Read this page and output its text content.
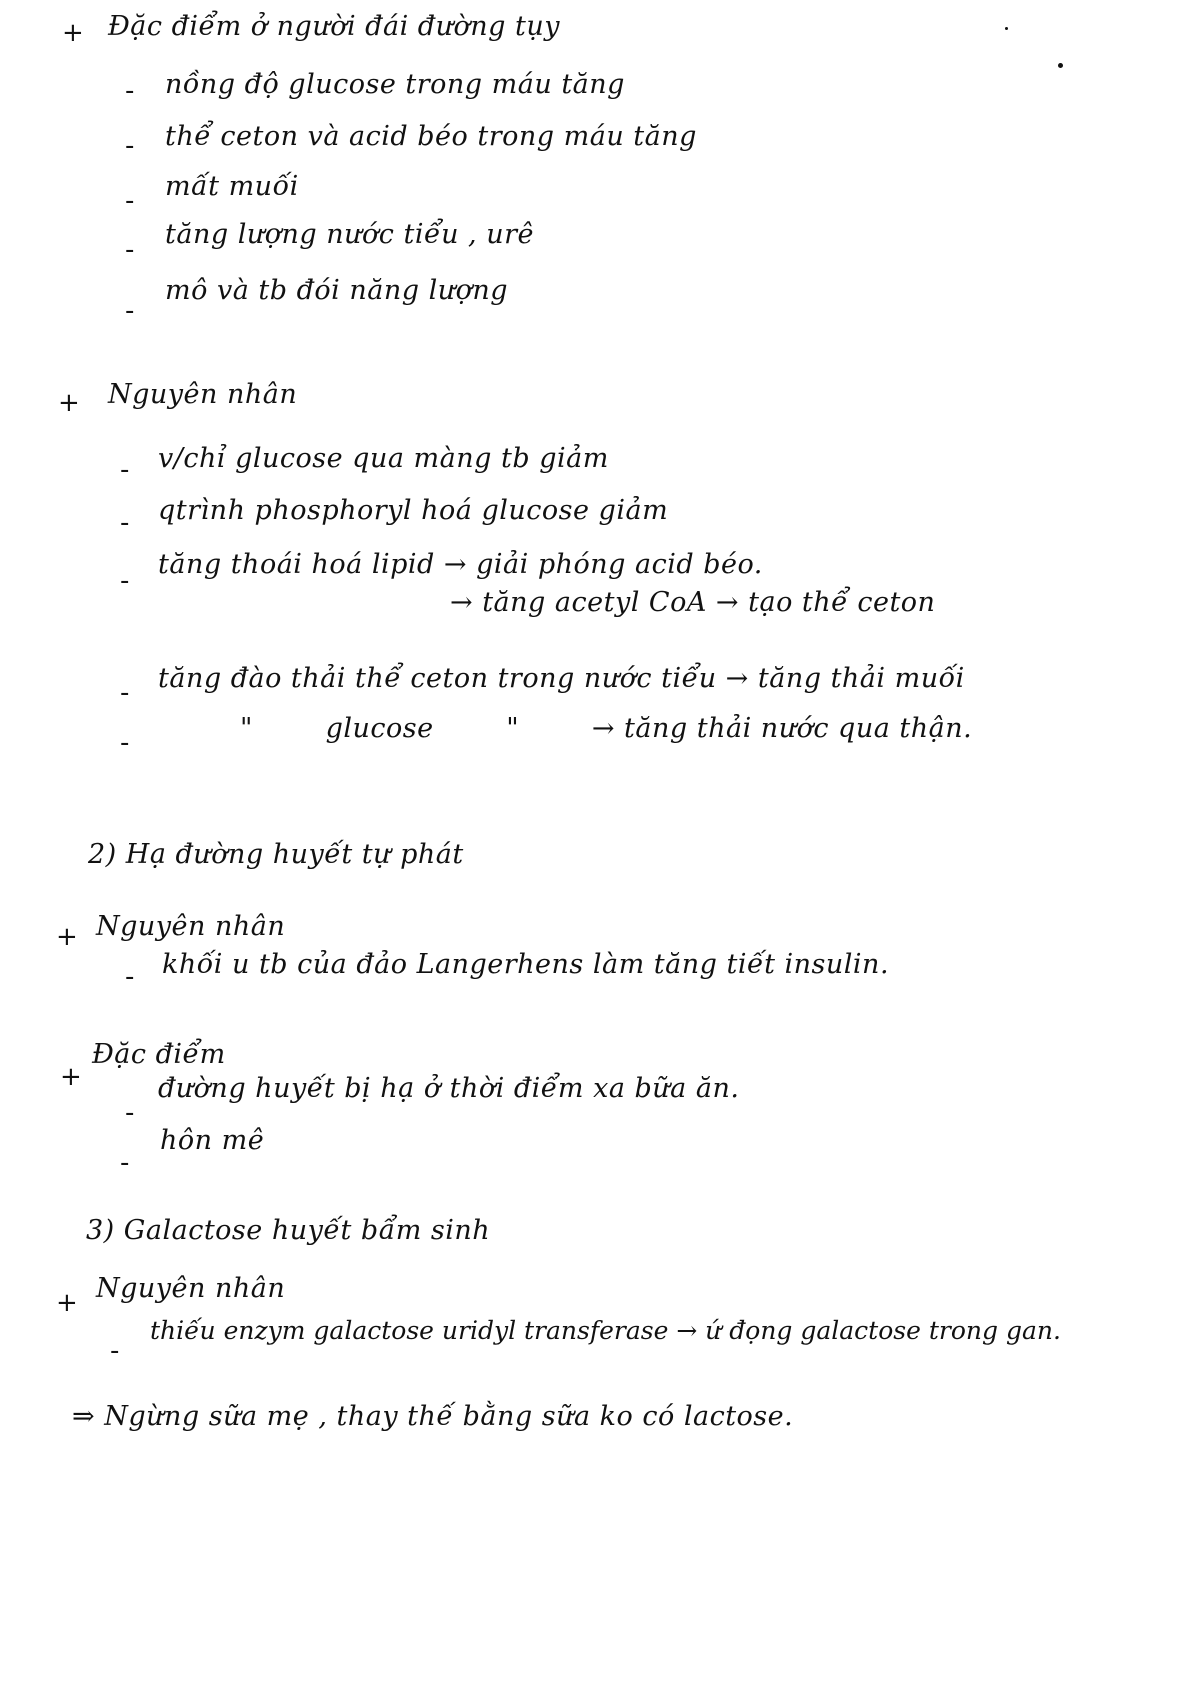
+ Đặc điểm ở người đái đường tụy
- nồng độ glucose trong máu tăng
- thể ceton và acid béo trong máu tăng
- mất muối
- tăng lượng nước tiểu , urê
-
mô và tb đói năng lượng
+ Nguyên nhân
- v/chỉ glucose qua màng tb giảm
- qtrình phosphoryl hoá glucose giảm
-
tăng thoái hoá lipid → giải phóng acid béo.
→ tăng acetyl CoA → tạo thể ceton
- tăng đào thải thể ceton trong nước tiểu → tăng thải muối
-	"        glucose        "        → tăng thải nước qua thận.
2) Hạ đường huyết tự phát
+ Nguyên nhân
- khối u tb của đảo Langerhens làm tăng tiết insulin.
+
Đặc điểm
-
đường huyết bị hạ ở thời điểm xa bữa ăn.
-
hôn mê
3) Galactose huyết bẩm sinh
+ Nguyên nhân
-
thiếu enzym galactose uridyl transferase → ứ đọng galactose trong gan.
⇒ Ngừng sữa mẹ , thay thế bằng sữa ko có lactose.
